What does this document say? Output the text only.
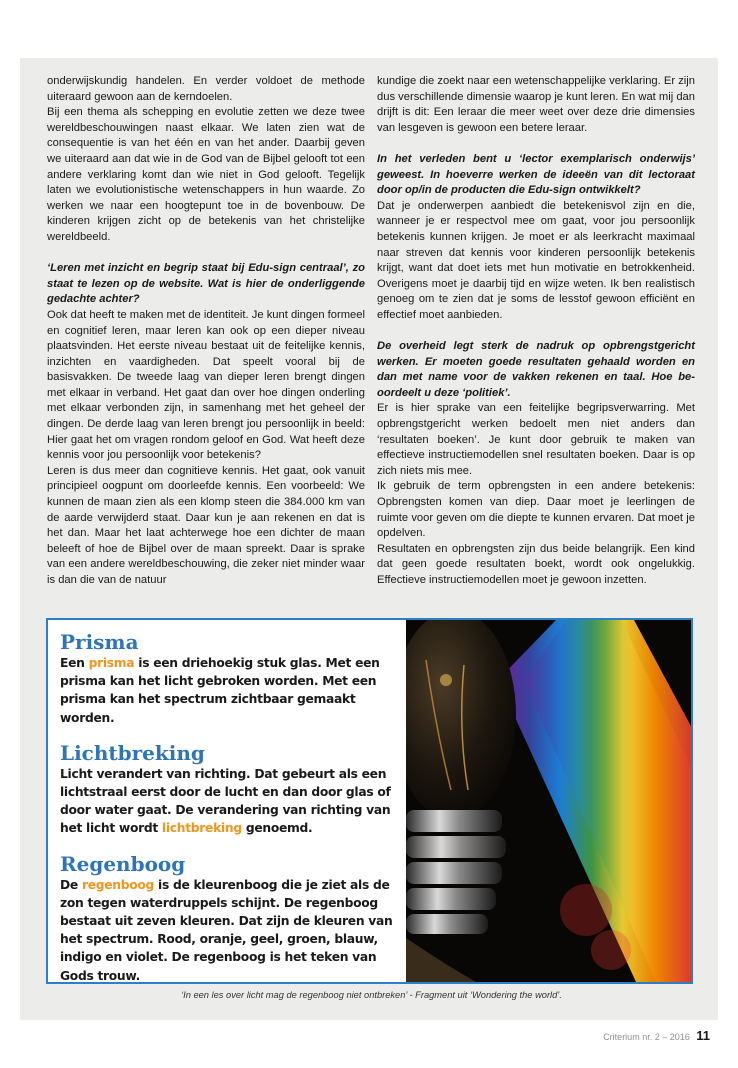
onderwijskundig handelen. En verder voldoet de methode uiteraard gewoon aan de kerndoelen.

Bij een thema als schepping en evolutie zetten we deze twee wereldbeschouwingen naast elkaar. We laten zien wat de consequentie is van het één en van het ander. Daarbij geven we uiteraard aan dat wie in de God van de Bijbel gelooft tot een andere verklaring komt dan wie niet in God gelooft. Tegelijk laten we evolutionistische wetenschappers in hun waarde. Zo werken we naar een hoogtepunt toe in de bovenbouw. De kinderen krijgen zicht op de betekenis van het christelijke wereldbeeld.

‘Leren met inzicht en begrip staat bij Edu-sign centraal’, zo staat te lezen op de website. Wat is hier de onderliggende gedachte achter?

Ook dat heeft te maken met de identiteit. Je kunt dingen formeel en cognitief leren, maar leren kan ook op een dieper niveau plaatsvinden. Het eerste niveau bestaat uit de feitelijke kennis, inzichten en vaardigheden. Dat speelt vooral bij de basisvakken. De tweede laag van dieper leren brengt dingen met elkaar in verband. Het gaat dan over hoe dingen onderling met elkaar verbonden zijn, in samenhang met het geheel der dingen. De derde laag van leren brengt jou persoonlijk in beeld: Hier gaat het om vragen rondom geloof en God. Wat heeft deze kennis voor jou persoonlijk voor betekenis?

Leren is dus meer dan cognitieve kennis. Het gaat, ook vanuit principieel oogpunt om doorleefde kennis. Een voorbeeld: We kunnen de maan zien als een klomp steen die 384.000 km van de aarde verwijderd staat. Daar kun je aan rekenen en dat is het dan. Maar het laat achterwege hoe een dichter de maan beleeft of hoe de Bijbel over de maan spreekt. Daar is sprake van een andere wereldbeschouwing, die zeker niet minder waar is dan die van de natuur

kundige die zoekt naar een wetenschappelijke verklaring. Er zijn dus verschillende dimensie waarop je kunt leren. En wat mij dan drijft is dit: Een leraar die meer weet over deze drie dimensies van lesgeven is gewoon een betere leraar.

In het verleden bent u ‘lector exemplarisch onderwijs’ geweest. In hoeverre werken de ideeën van dit lectoraat door op/in de producten die Edu-sign ontwikkelt?

Dat je onderwerpen aanbiedt die betekenisvol zijn en die, wanneer je er respectvol mee om gaat, voor jou persoonlijk betekenis kunnen krijgen. Je moet er als leerkracht maximaal naar streven dat kennis voor kinderen persoonlijk betekenis krijgt, want dat doet iets met hun motivatie en betrokkenheid. Overigens moet je daarbij tijd en wijze weten. Ik ben realistisch genoeg om te zien dat je soms de lesstof gewoon efficiënt en effectief moet aanbieden.

De overheid legt sterk de nadruk op opbrengstgericht werken. Er moeten goede resultaten gehaald worden en dan met name voor de vakken rekenen en taal. Hoe beoordeelt u deze ‘politiek’.

Er is hier sprake van een feitelijke begripsverwarring. Met opbrengstgericht werken bedoelt men niet anders dan ‘resultaten boeken’. Je kunt door gebruik te maken van effectieve instructiemodellen snel resultaten boeken. Daar is op zich niets mis mee.

Ik gebruik de term opbrengsten in een andere betekenis: Opbrengsten komen van diep. Daar moet je leerlingen de ruimte voor geven om die diepte te kunnen ervaren. Dat moet je opdelven.

Resultaten en opbrengsten zijn dus beide belangrijk. Een kind dat geen goede resultaten boekt, wordt ook ongelukkig. Effectieve instructiemodellen moet je gewoon inzetten.

Prisma

Een prisma is een driehoekig stuk glas. Met een prisma kan het licht gebroken worden. Met een prisma kan het spectrum zichtbaar gemaakt worden.

Lichtbreking

Licht verandert van richting. Dat gebeurt als een lichtstraal eerst door de lucht en dan door glas of door water gaat. De verandering van richting van het licht wordt lichtbreking genoemd.

Regenboog

De regenboog is de kleurenboog die je ziet als de zon tegen waterdruppels schijnt. De regenboog bestaat uit zeven kleuren. Dat zijn de kleuren van het spectrum. Rood, oranje, geel, groen, blauw, indigo en violet. De regenboog is het teken van Gods trouw.

‘In een les over licht mag de regenboog niet ontbreken’ - Fragment uit ‘Wondering the world’.
Criterium nr. 2 – 2016 11
